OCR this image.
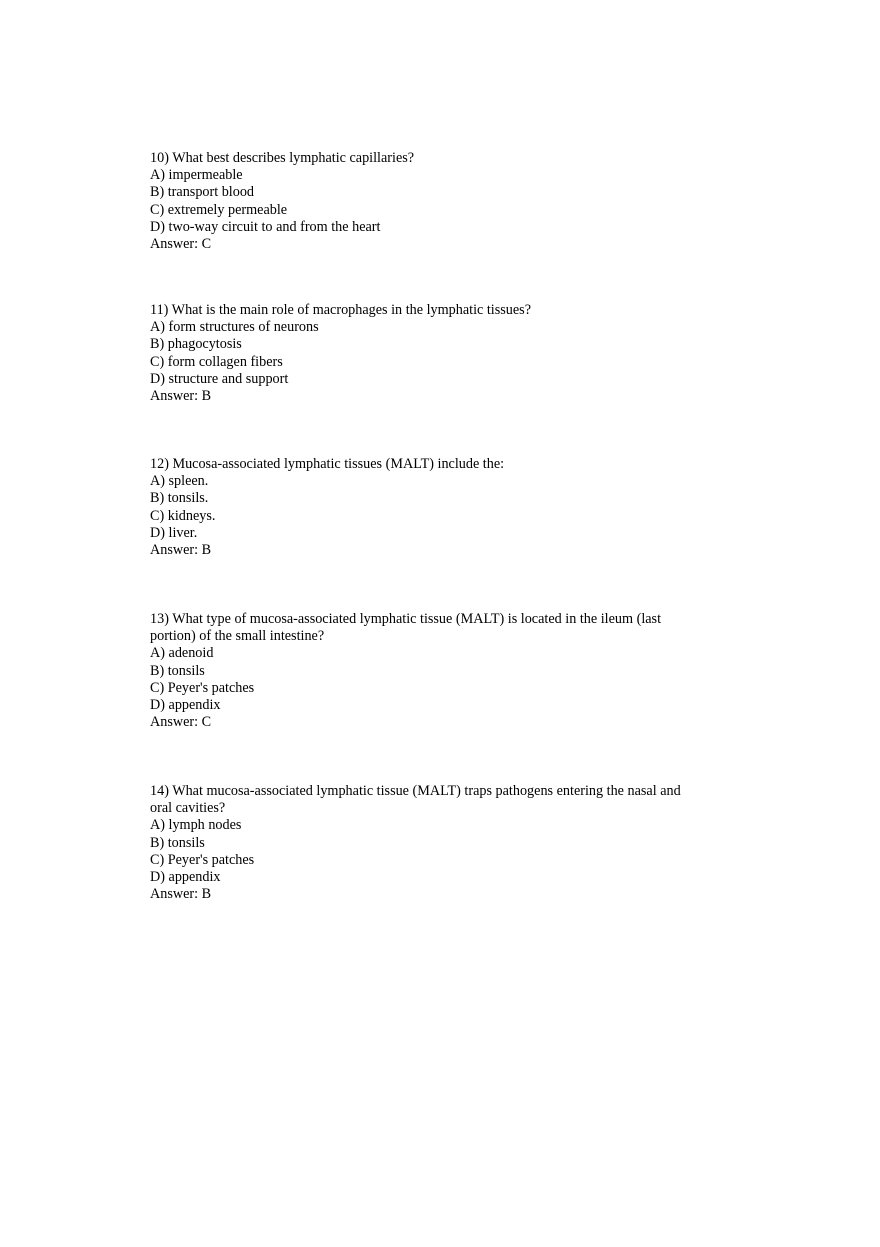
10) What best describes lymphatic capillaries?
A) impermeable
B) transport blood
C) extremely permeable
D) two-way circuit to and from the heart
Answer: C
11) What is the main role of macrophages in the lymphatic tissues?
A) form structures of neurons
B) phagocytosis
C) form collagen fibers
D) structure and support
Answer: B
12) Mucosa-associated lymphatic tissues (MALT) include the:
A) spleen.
B) tonsils.
C) kidneys.
D) liver.
Answer: B
13) What type of mucosa-associated lymphatic tissue (MALT) is located in the ileum (last
portion) of the small intestine?
A) adenoid
B) tonsils
C) Peyer's patches
D) appendix
Answer: C
14) What mucosa-associated lymphatic tissue (MALT) traps pathogens entering the nasal and
oral cavities?
A) lymph nodes
B) tonsils
C) Peyer's patches
D) appendix
Answer: B
